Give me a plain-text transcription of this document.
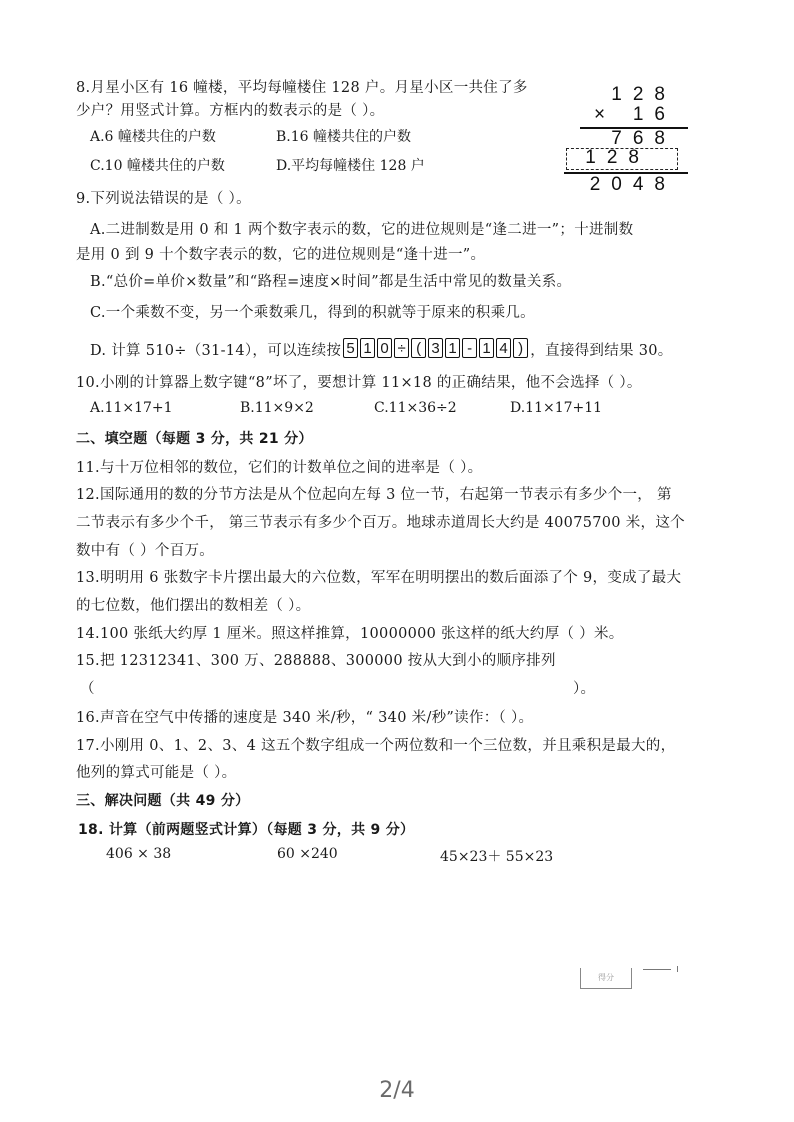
8.月星小区有 16 幢楼，平均每幢楼住 128 户。月星小区一共住了多
少户？用竖式计算。方框内的数表示的是（ ）。
A.6 幢楼共住的户数	B.16 幢楼共住的户数
C.10 幢楼共住的户数	D.平均每幢楼住 128 户
128
× 16
768
128
2048
9.下列说法错误的是（ ）。
A.二进制数是用 0 和 1 两个数字表示的数，它的进位规则是“逢二进一”；十进制数
是用 0 到 9 十个数字表示的数，它的进位规则是“逢十进一”。
B.“总价=单价×数量”和“路程=速度×时间”都是生活中常见的数量关系。
C.一个乘数不变，另一个乘数乘几，得到的积就等于原来的积乘几。
D. 计算 510÷（31-14），可以连续按 5 1 0 ÷ ( 3 1 - 1 4 ) ，直接得到结果 30。
10.小刚的计算器上数字键“8”坏了，要想计算 11×18 的正确结果，他不会选择（ ）。
A.11×17+1	B.11×9×2	C.11×36÷2	D.11×17+11
二、填空题（每题 3 分，共 21 分）
11.与十万位相邻的数位，它们的计数单位之间的进率是（ ）。
12.国际通用的数的分节方法是从个位起向左每 3 位一节，右起第一节表示有多少个一， 第
二节表示有多少个千， 第三节表示有多少个百万。地球赤道周长大约是 40075700 米，这个
数中有（ ）个百万。
13.明明用 6 张数字卡片摆出最大的六位数，军军在明明摆出的数后面添了个 9，变成了最大
的七位数，他们摆出的数相差（ ）。
14.100 张纸大约厚 1 厘米。照这样推算，10000000 张这样的纸大约厚（ ）米。
15.把 12312341、300 万、288888、300000 按从大到小的顺序排列
（	）。
16.声音在空气中传播的速度是 340 米/秒，“ 340 米/秒”读作：（ ）。
17.小刚用 0、1、2、3、4 这五个数字组成一个两位数和一个三位数，并且乘积是最大的，
他列的算式可能是（ ）。
三、解决问题（共 49 分）
18. 计算（前两题竖式计算）（每题 3 分，共 9 分）
406 × 38	60 ×240	45×23＋ 55×23
得分
2/4
